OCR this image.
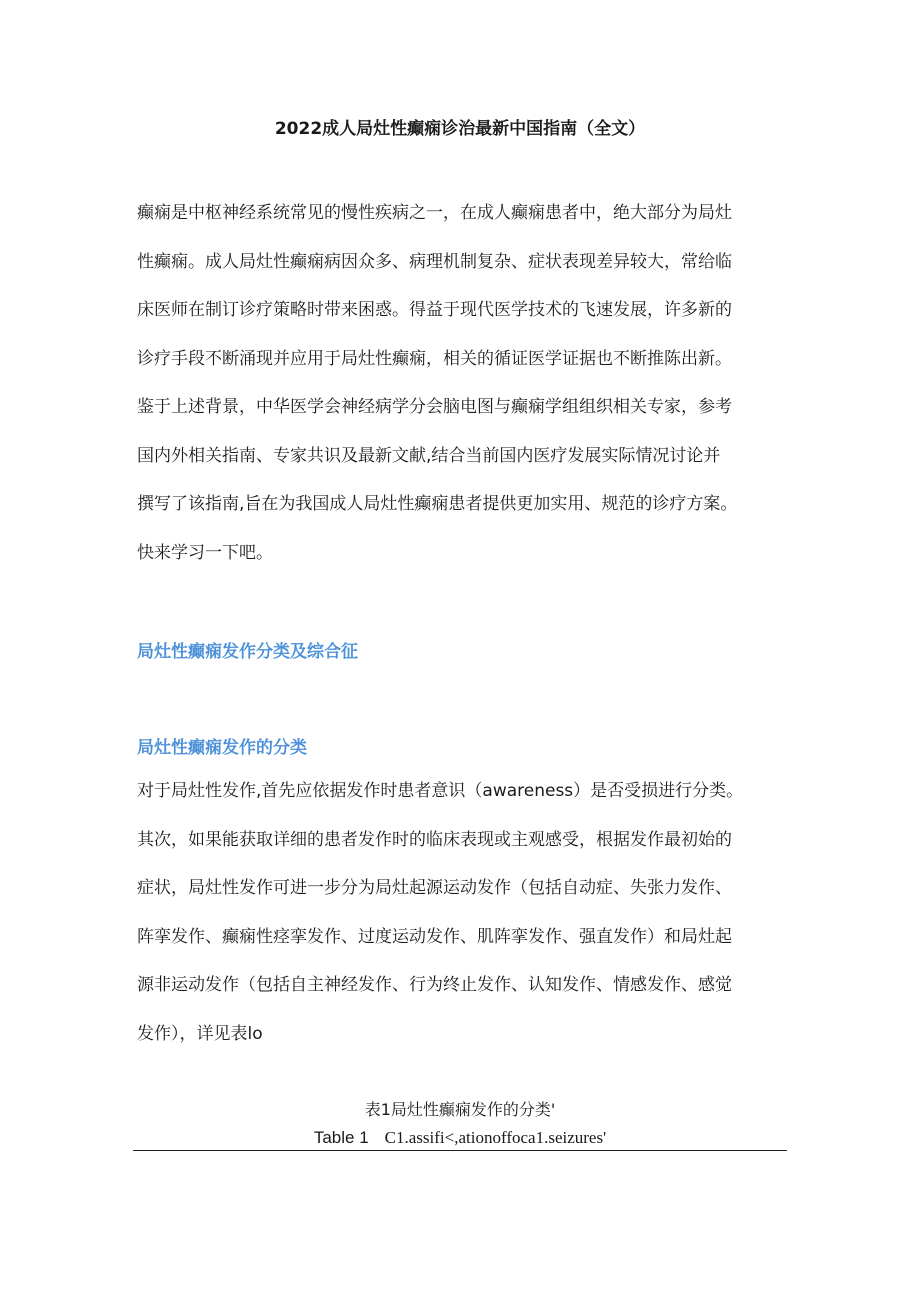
2022成人局灶性癫痫诊治最新中国指南（全文）
癫痫是中枢神经系统常见的慢性疾病之一，在成人癫痫患者中，绝大部分为局灶
性癫痫。成人局灶性癫痫病因众多、病理机制复杂、症状表现差异较大，常给临
床医师在制订诊疗策略时带来困惑。得益于现代医学技术的飞速发展，许多新的
诊疗手段不断涌现并应用于局灶性癫痫，相关的循证医学证据也不断推陈出新。
鉴于上述背景，中华医学会神经病学分会脑电图与癫痫学组组织相关专家，参考
国内外相关指南、专家共识及最新文献,结合当前国内医疗发展实际情况讨论并
撰写了该指南,旨在为我国成人局灶性癫痫患者提供更加实用、规范的诊疗方案。
快来学习一下吧。
局灶性癫痫发作分类及综合征
局灶性癫痫发作的分类
对于局灶性发作,首先应依据发作时患者意识（awareness）是否受损进行分类。
其次，如果能获取详细的患者发作时的临床表现或主观感受，根据发作最初始的
症状，局灶性发作可进一步分为局灶起源运动发作（包括自动症、失张力发作、
阵挛发作、癫痫性痉挛发作、过度运动发作、肌阵挛发作、强直发作）和局灶起
源非运动发作（包括自主神经发作、行为终止发作、认知发作、情感发作、感觉
发作），详见表lo
表1局灶性癫痫发作的分类'
Table 1 C1.assifi<,ationoffoca1.seizures'
